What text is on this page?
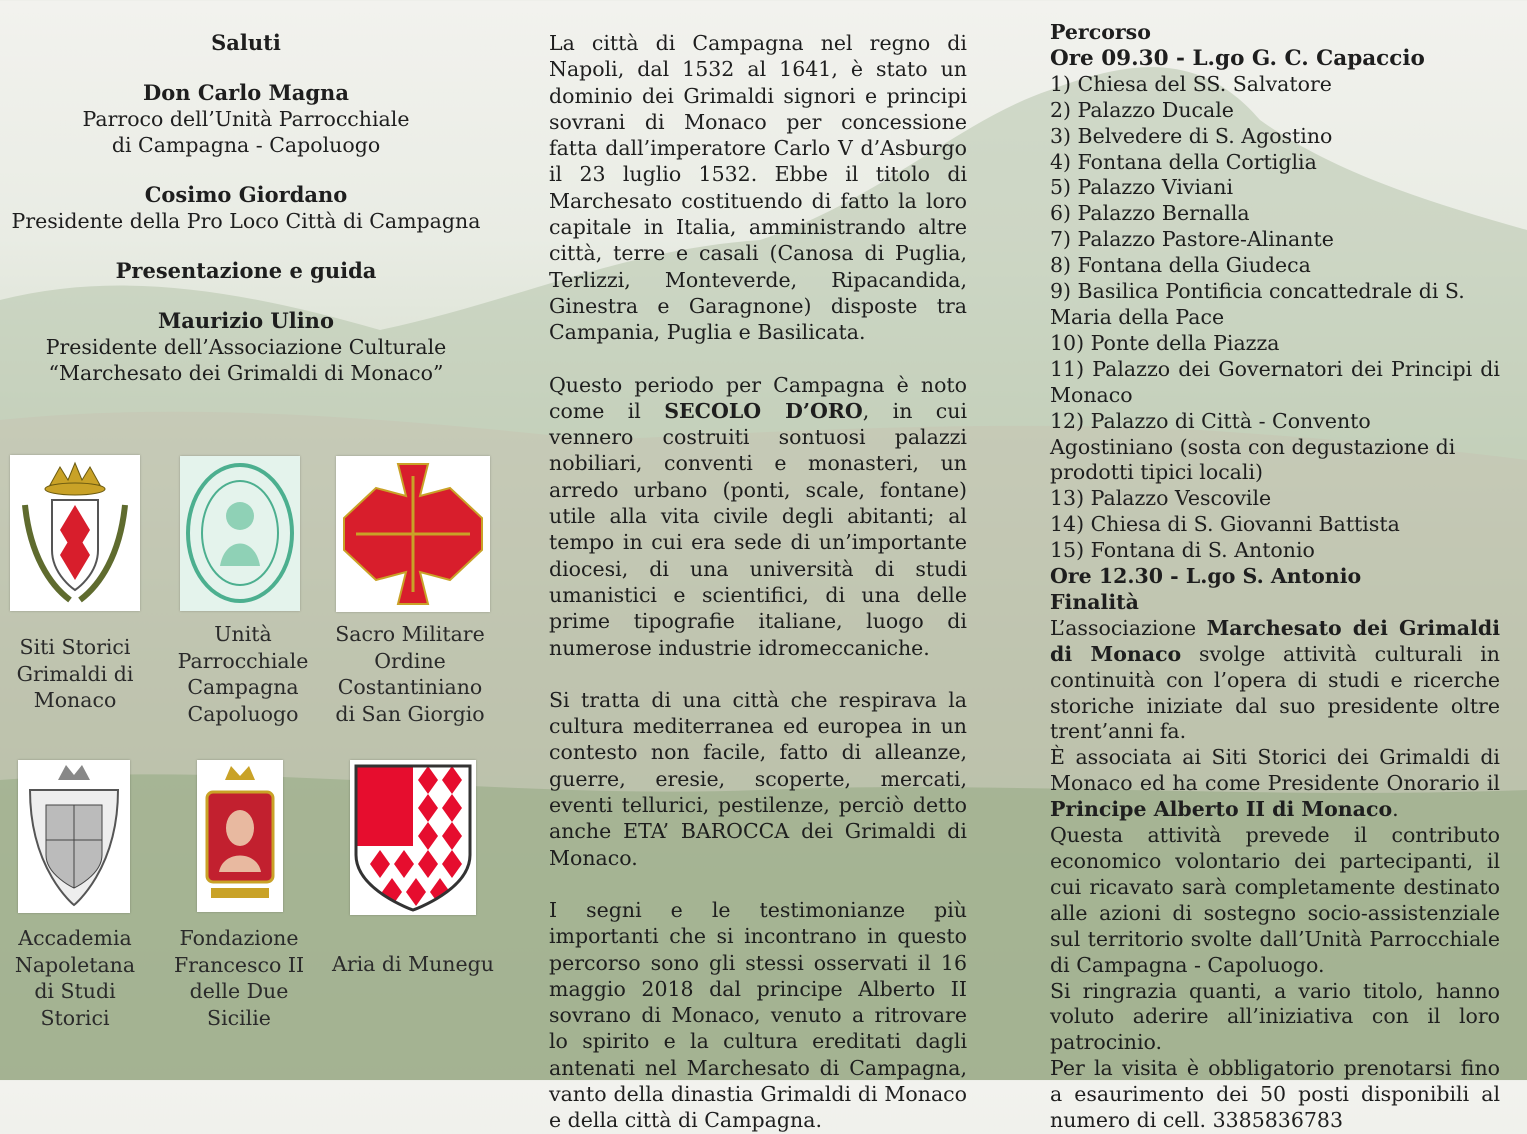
Saluti
Don Carlo Magna
Parroco dell’Unità Parrocchiale di Campagna - Capoluogo
Cosimo Giordano
Presidente della Pro Loco Città di Campagna
Presentazione e guida
Maurizio Ulino
Presidente dell’Associazione Culturale
“Marchesato dei Grimaldi di Monaco”
Siti Storici Grimaldi di Monaco
Unità Parrocchiale Campagna Capoluogo
Sacro Militare Ordine Costantiniano di San Giorgio
Accademia Napoletana di Studi Storici
Fondazione Francesco II delle Due Sicilie
Aria di Munegu

La città di Campagna nel regno di Napoli, dal 1532 al 1641, è stato un dominio dei Grimaldi signori e principi sovrani di Monaco per concessione fatta dall’imperatore Carlo V d’Asburgo il 23 luglio 1532. Ebbe il titolo di Marchesato costituendo di fatto la loro capitale in Italia, amministrando altre città, terre e casali (Canosa di Puglia, Terlizzi, Monteverde, Ripacandida, Ginestra e Garagnone) disposte tra Campania, Puglia e Basilicata.

Questo periodo per Campagna è noto come il SECOLO D’ORO, in cui vennero costruiti sontuosi palazzi nobiliari, conventi e monasteri, un arredo urbano (ponti, scale, fontane) utile alla vita civile degli abitanti; al tempo in cui era sede di un’importante diocesi, di una università di studi umanistici e scientifici, di una delle prime tipografie italiane, luogo di numerose industrie idromeccaniche.

Si tratta di una città che respirava la cultura mediterranea ed europea in un contesto non facile, fatto di alleanze, guerre, eresie, scoperte, mercati, eventi tellurici, pestilenze, perciò detto anche ETA’ BAROCCA dei Grimaldi di Monaco.

I segni e le testimonianze più importanti che si incontrano in questo percorso sono gli stessi osservati il 16 maggio 2018 dal principe Alberto II sovrano di Monaco, venuto a ritrovare lo spirito e la cultura ereditati dagli antenati nel Marchesato di Campagna, vanto della dinastia Grimaldi di Monaco e della città di Campagna.

Percorso
Ore 09.30 - L.go G. C. Capaccio
1) Chiesa del SS. Salvatore
2) Palazzo Ducale
3) Belvedere di S. Agostino
4) Fontana della Cortiglia
5) Palazzo Viviani
6) Palazzo Bernalla
7) Palazzo Pastore-Alinante
8) Fontana della Giudeca
9) Basilica Pontificia concattedrale di S. Maria della Pace
10) Ponte della Piazza
11) Palazzo dei Governatori dei Principi di Monaco
12) Palazzo di Città - Convento Agostiniano (sosta con degustazione di prodotti tipici locali)
13) Palazzo Vescovile
14) Chiesa di S. Giovanni Battista
15) Fontana di S. Antonio
Ore 12.30 - L.go S. Antonio
Finalità
L’associazione Marchesato dei Grimaldi di Monaco svolge attività culturali in continuità con l’opera di studi e ricerche storiche iniziate dal suo presidente oltre trent’anni fa.
È associata ai Siti Storici dei Grimaldi di Monaco ed ha come Presidente Onorario il Principe Alberto II di Monaco.
Questa attività prevede il contributo economico volontario dei partecipanti, il cui ricavato sarà completamente destinato alle azioni di sostegno socio-assistenziale sul territorio svolte dall’Unità Parrocchiale di Campagna - Capoluogo.
Si ringrazia quanti, a vario titolo, hanno voluto aderire all’iniziativa con il loro patrocinio.
Per la visita è obbligatorio prenotarsi fino a esaurimento dei 50 posti disponibili al numero di cell. 3385836783
